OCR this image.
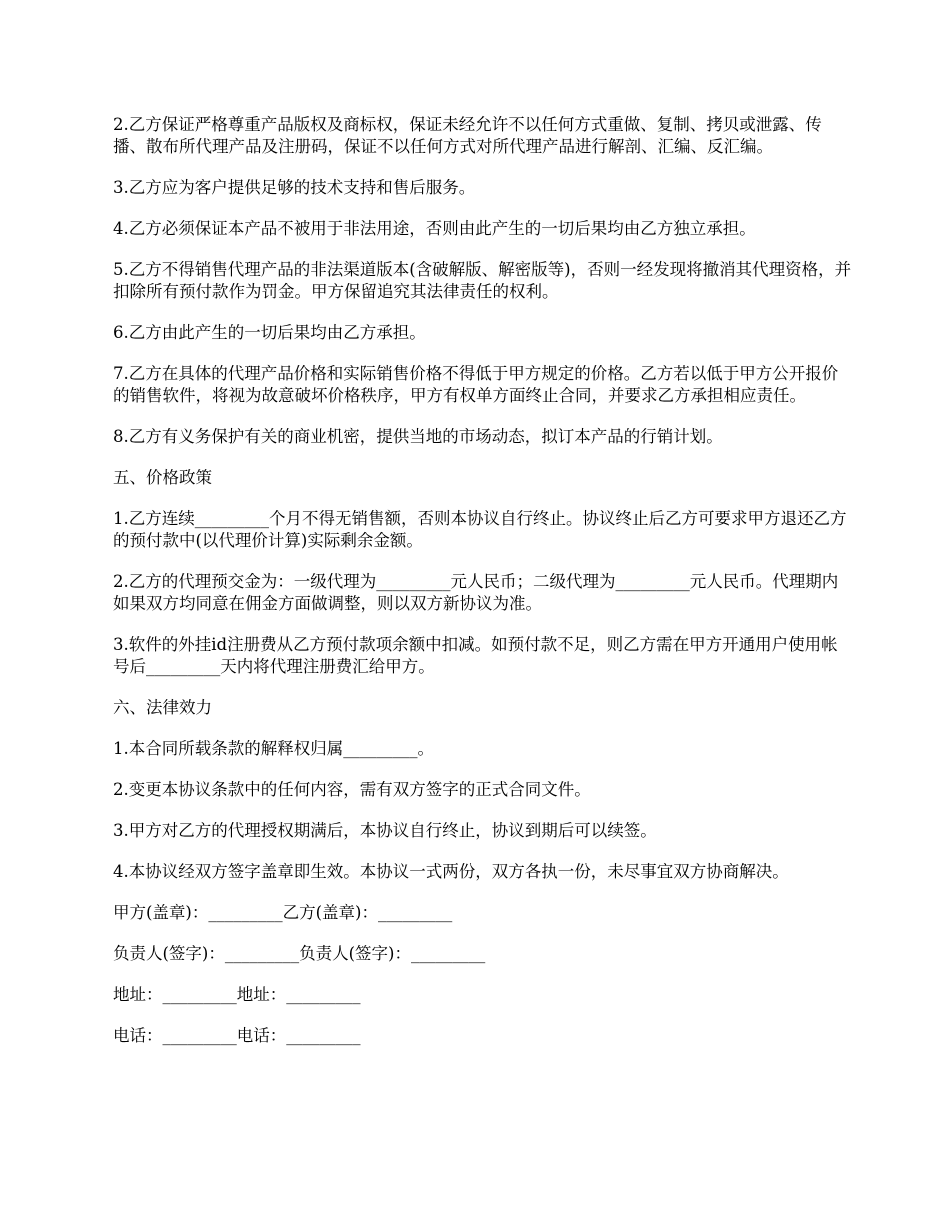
2.乙方保证严格尊重产品版权及商标权，保证未经允许不以任何方式重做、复制、拷贝或泄露、传播、散布所代理产品及注册码，保证不以任何方式对所代理产品进行解剖、汇编、反汇编。

3.乙方应为客户提供足够的技术支持和售后服务。

4.乙方必须保证本产品不被用于非法用途，否则由此产生的一切后果均由乙方独立承担。

5.乙方不得销售代理产品的非法渠道版本(含破解版、解密版等)，否则一经发现将撤消其代理资格，并扣除所有预付款作为罚金。甲方保留追究其法律责任的权利。

6.乙方由此产生的一切后果均由乙方承担。

7.乙方在具体的代理产品价格和实际销售价格不得低于甲方规定的价格。乙方若以低于甲方公开报价的销售软件，将视为故意破坏价格秩序，甲方有权单方面终止合同，并要求乙方承担相应责任。

8.乙方有义务保护有关的商业机密，提供当地的市场动态，拟订本产品的行销计划。

五、价格政策

1.乙方连续_________个月不得无销售额，否则本协议自行终止。协议终止后乙方可要求甲方退还乙方的预付款中(以代理价计算)实际剩余金额。

2.乙方的代理预交金为：一级代理为_________元人民币；二级代理为_________元人民币。代理期内如果双方均同意在佣金方面做调整，则以双方新协议为准。

3.软件的外挂id注册费从乙方预付款项余额中扣减。如预付款不足，则乙方需在甲方开通用户使用帐号后_________天内将代理注册费汇给甲方。

六、法律效力

1.本合同所载条款的解释权归属_________。

2.变更本协议条款中的任何内容，需有双方签字的正式合同文件。

3.甲方对乙方的代理授权期满后，本协议自行终止，协议到期后可以续签。

4.本协议经双方签字盖章即生效。本协议一式两份，双方各执一份，未尽事宜双方协商解决。

甲方(盖章)：_________乙方(盖章)：_________

负责人(签字)：_________负责人(签字)：_________

地址：_________地址：_________

电话：_________电话：_________
